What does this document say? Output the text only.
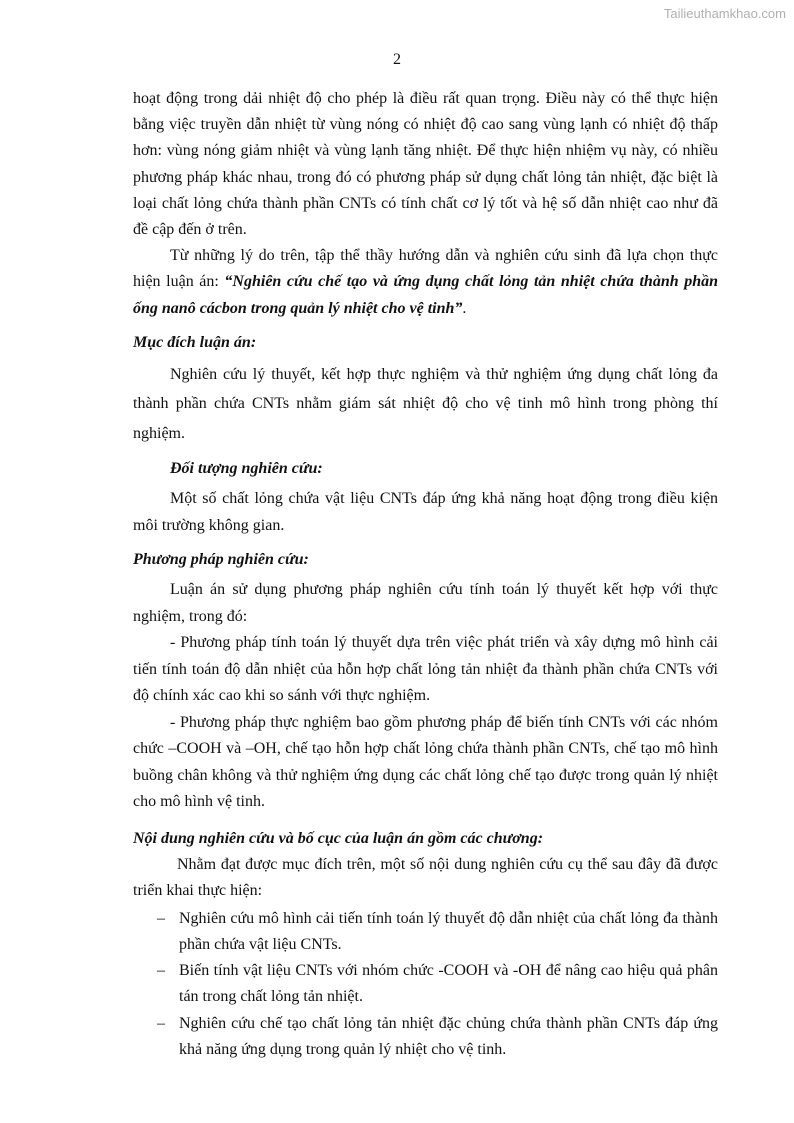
Tailieuthamkhao.com
2

hoạt động trong dải nhiệt độ cho phép là điều rất quan trọng. Điều này có thể thực hiện bằng việc truyền dẫn nhiệt từ vùng nóng có nhiệt độ cao sang vùng lạnh có nhiệt độ thấp hơn: vùng nóng giảm nhiệt và vùng lạnh tăng nhiệt. Để thực hiện nhiệm vụ này, có nhiều phương pháp khác nhau, trong đó có phương pháp sử dụng chất lỏng tản nhiệt, đặc biệt là loại chất lỏng chứa thành phần CNTs có tính chất cơ lý tốt và hệ số dẫn nhiệt cao như đã đề cập đến ở trên.

Từ những lý do trên, tập thể thầy hướng dẫn và nghiên cứu sinh đã lựa chọn thực hiện luận án: “Nghiên cứu chế tạo và ứng dụng chất lỏng tản nhiệt chứa thành phần ống nanô cácbon trong quản lý nhiệt cho vệ tinh”.

Mục đích luận án:

Nghiên cứu lý thuyết, kết hợp thực nghiệm và thử nghiệm ứng dụng chất lỏng đa thành phần chứa CNTs nhằm giám sát nhiệt độ cho vệ tinh mô hình trong phòng thí nghiệm.

Đối tượng nghiên cứu:

Một số chất lỏng chứa vật liệu CNTs đáp ứng khả năng hoạt động trong điều kiện môi trường không gian.

Phương pháp nghiên cứu:

Luận án sử dụng phương pháp nghiên cứu tính toán lý thuyết kết hợp với thực nghiệm, trong đó:

- Phương pháp tính toán lý thuyết dựa trên việc phát triển và xây dựng mô hình cải tiến tính toán độ dẫn nhiệt của hỗn hợp chất lỏng tản nhiệt đa thành phần chứa CNTs với độ chính xác cao khi so sánh với thực nghiệm.

- Phương pháp thực nghiệm bao gồm phương pháp để biến tính CNTs với các nhóm chức –COOH và –OH, chế tạo hỗn hợp chất lỏng chứa thành phần CNTs, chế tạo mô hình buồng chân không và thử nghiệm ứng dụng các chất lỏng chế tạo được trong quản lý nhiệt cho mô hình vệ tinh.

Nội dung nghiên cứu và bố cục của luận án gồm các chương:

Nhằm đạt được mục đích trên, một số nội dung nghiên cứu cụ thể sau đây đã được triển khai thực hiện:

– Nghiên cứu mô hình cải tiến tính toán lý thuyết độ dẫn nhiệt của chất lỏng đa thành phần chứa vật liệu CNTs.
– Biến tính vật liệu CNTs với nhóm chức -COOH và -OH để nâng cao hiệu quả phân tán trong chất lỏng tản nhiệt.
– Nghiên cứu chế tạo chất lỏng tản nhiệt đặc chủng chứa thành phần CNTs đáp ứng khả năng ứng dụng trong quản lý nhiệt cho vệ tinh.
